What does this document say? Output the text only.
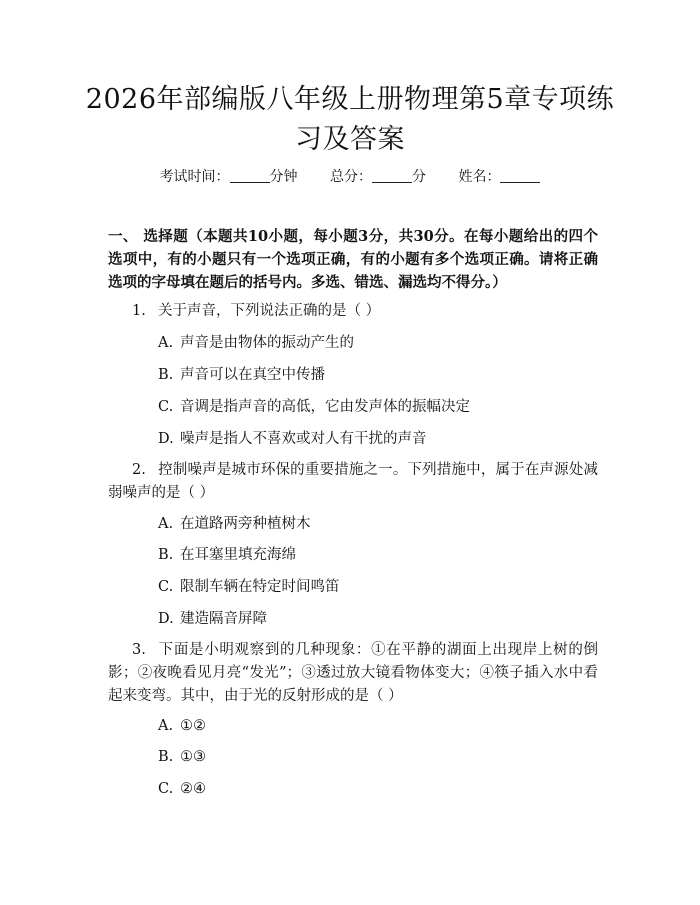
2026年部编版八年级上册物理第5章专项练
习及答案
考试时间：	分钟 总分：	分 姓名：
一、 选择题（本题共10小题，每小题3分，共30分。在每小题给出的四个选项中，有的小题只有一个选项正确，有的小题有多个选项正确。请将正确选项的字母填在题后的括号内。多选、错选、漏选均不得分。）
1. 关于声音，下列说法正确的是（ ）
A. 声音是由物体的振动产生的
B. 声音可以在真空中传播
C. 音调是指声音的高低，它由发声体的振幅决定
D. 噪声是指人不喜欢或对人有干扰的声音
2. 控制噪声是城市环保的重要措施之一。下列措施中，属于在声源处减弱噪声的是（ ）
A. 在道路两旁种植树木
B. 在耳塞里填充海绵
C. 限制车辆在特定时间鸣笛
D. 建造隔音屏障
3. 下面是小明观察到的几种现象：①在平静的湖面上出现岸上树的倒影；②夜晚看见月亮“发光”；③透过放大镜看物体变大；④筷子插入水中看起来变弯。其中，由于光的反射形成的是（ ）
A. ①②
B. ①③
C. ②④
